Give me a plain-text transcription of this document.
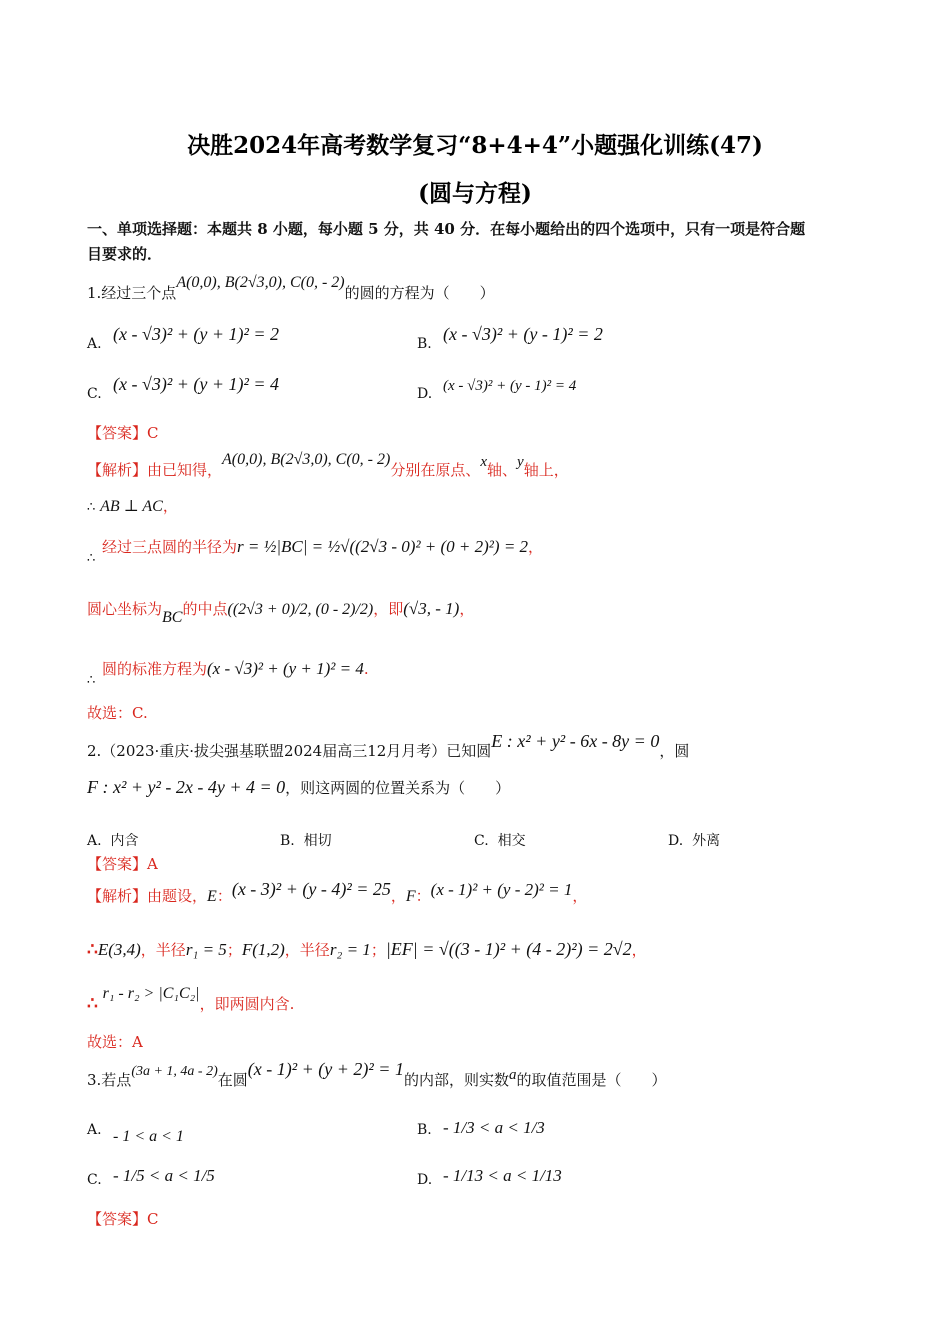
决胜2024年高考数学复习“8+4+4”小题强化训练(47)
(圆与方程)
一、单项选择题：本题共 8 小题，每小题 5 分，共 40 分．在每小题给出的四个选项中，只有一项是符合题
目要求的．
1.经过三个点A(0,0), B(2√3,0), C(0, - 2)的圆的方程为（　　）
A. (x - √3)² + (y + 1)² = 2	B. (x - √3)² + (y - 1)² = 2
C. (x - √3)² + (y + 1)² = 4	D. (x - √3)² + (y - 1)² = 4
【答案】C
【解析】由已知得，A(0,0), B(2√3,0), C(0, - 2)分别在原点、x轴、y轴上，
∴ AB ⊥ AC，
∴
经过三点圆的半径为r = ½|BC| = ½√((2√3 - 0)² + (0 + 2)²) = 2，
圆心坐标为BC的中点((2√3 + 0)/2, (0 - 2)/2)，即(√3, - 1)，
∴
圆的标准方程为(x - √3)² + (y + 1)² = 4.
故选：C.
2.（2023·重庆·拔尖强基联盟2024届高三12月月考）已知圆E : x² + y² - 6x - 8y = 0，圆
F : x² + y² - 2x - 4y + 4 = 0，则这两圆的位置关系为（　　）
A. 内含	B. 相切	C. 相交	D. 外离
【答案】A
【解析】由题设，E：(x - 3)² + (y - 4)² = 25，F：(x - 1)² + (y - 2)² = 1，
∴E(3,4)，半径r₁ = 5；F(1,2)，半径r₂ = 1；|EF| = √((3 - 1)² + (4 - 2)²) = 2√2，
∴ r₁ - r₂ > |C₁C₂|，即两圆内含.
故选：A
3.若点(3a + 1, 4a - 2)在圆(x - 1)² + (y + 2)² = 1的内部，则实数a的取值范围是（　　）
A. - 1 < a < 1	B. - 1/3 < a < 1/3
C. - 1/5 < a < 1/5	D. - 1/13 < a < 1/13
【答案】C
